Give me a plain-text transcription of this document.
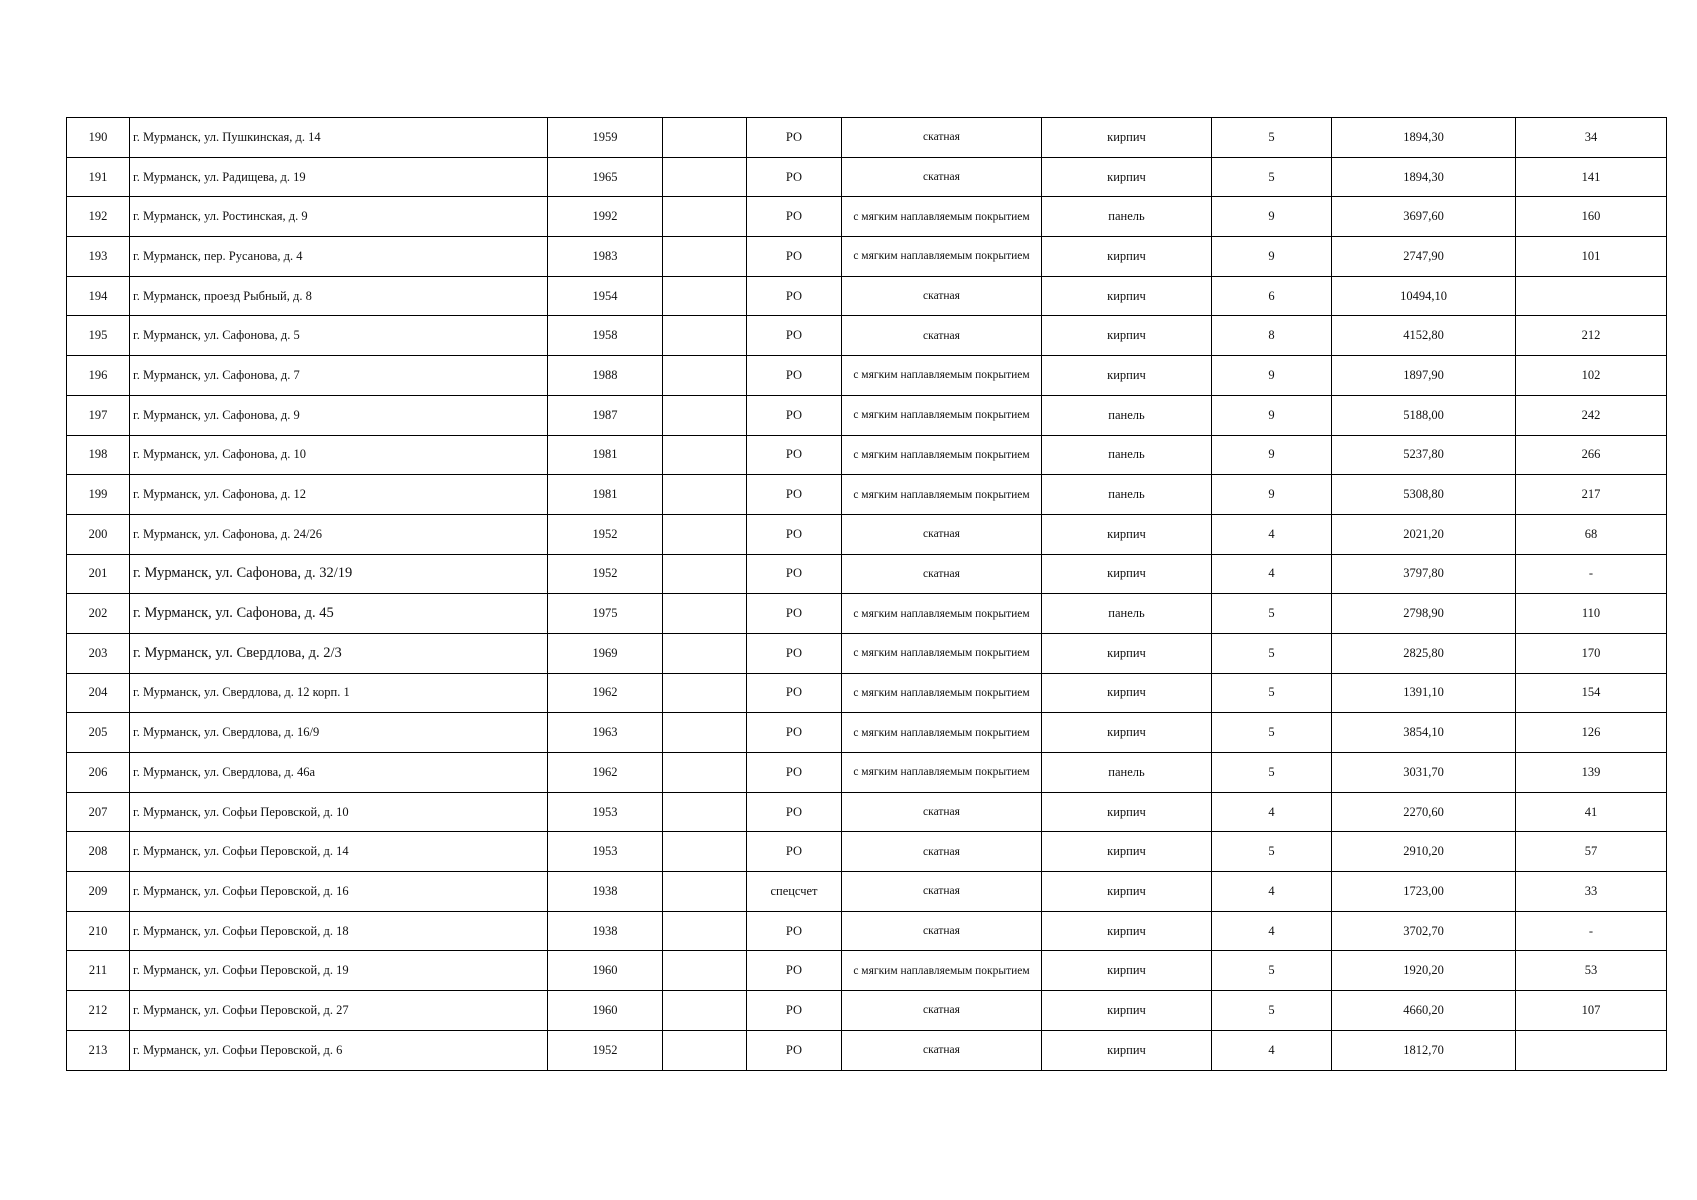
190	г. Мурманск, ул. Пушкинская, д. 14	1959		РО	скатная	кирпич	5	1894,30	34
191	г. Мурманск, ул. Радищева, д. 19	1965		РО	скатная	кирпич	5	1894,30	141
192	г. Мурманск, ул. Ростинская, д. 9	1992		РО	с мягким наплавляемым покрытием	панель	9	3697,60	160
193	г. Мурманск, пер. Русанова, д. 4	1983		РО	с мягким наплавляемым покрытием	кирпич	9	2747,90	101
194	г. Мурманск, проезд Рыбный, д. 8	1954		РО	скатная	кирпич	6	10494,10	
195	г. Мурманск, ул. Сафонова, д. 5	1958		РО	скатная	кирпич	8	4152,80	212
196	г. Мурманск, ул. Сафонова, д. 7	1988		РО	с мягким наплавляемым покрытием	кирпич	9	1897,90	102
197	г. Мурманск, ул. Сафонова, д. 9	1987		РО	с мягким наплавляемым покрытием	панель	9	5188,00	242
198	г. Мурманск, ул. Сафонова, д. 10	1981		РО	с мягким наплавляемым покрытием	панель	9	5237,80	266
199	г. Мурманск, ул. Сафонова, д. 12	1981		РО	с мягким наплавляемым покрытием	панель	9	5308,80	217
200	г. Мурманск, ул. Сафонова, д. 24/26	1952		РО	скатная	кирпич	4	2021,20	68
201	г. Мурманск, ул. Сафонова, д. 32/19	1952		РО	скатная	кирпич	4	3797,80	-
202	г. Мурманск, ул. Сафонова, д. 45	1975		РО	с мягким наплавляемым покрытием	панель	5	2798,90	110
203	г. Мурманск, ул. Свердлова, д. 2/3	1969		РО	с мягким наплавляемым покрытием	кирпич	5	2825,80	170
204	г. Мурманск, ул. Свердлова, д. 12 корп. 1	1962		РО	с мягким наплавляемым покрытием	кирпич	5	1391,10	154
205	г. Мурманск, ул. Свердлова, д. 16/9	1963		РО	с мягким наплавляемым покрытием	кирпич	5	3854,10	126
206	г. Мурманск, ул. Свердлова, д. 46а	1962		РО	с мягким наплавляемым покрытием	панель	5	3031,70	139
207	г. Мурманск, ул. Софьи Перовской, д. 10	1953		РО	скатная	кирпич	4	2270,60	41
208	г. Мурманск, ул. Софьи Перовской, д. 14	1953		РО	скатная	кирпич	5	2910,20	57
209	г. Мурманск, ул. Софьи Перовской, д. 16	1938		спецсчет	скатная	кирпич	4	1723,00	33
210	г. Мурманск, ул. Софьи Перовской, д. 18	1938		РО	скатная	кирпич	4	3702,70	-
211	г. Мурманск, ул. Софьи Перовской, д. 19	1960		РО	с мягким наплавляемым покрытием	кирпич	5	1920,20	53
212	г. Мурманск, ул. Софьи Перовской, д. 27	1960		РО	скатная	кирпич	5	4660,20	107
213	г. Мурманск, ул. Софьи Перовской, д. 6	1952		РО	скатная	кирпич	4	1812,70	
